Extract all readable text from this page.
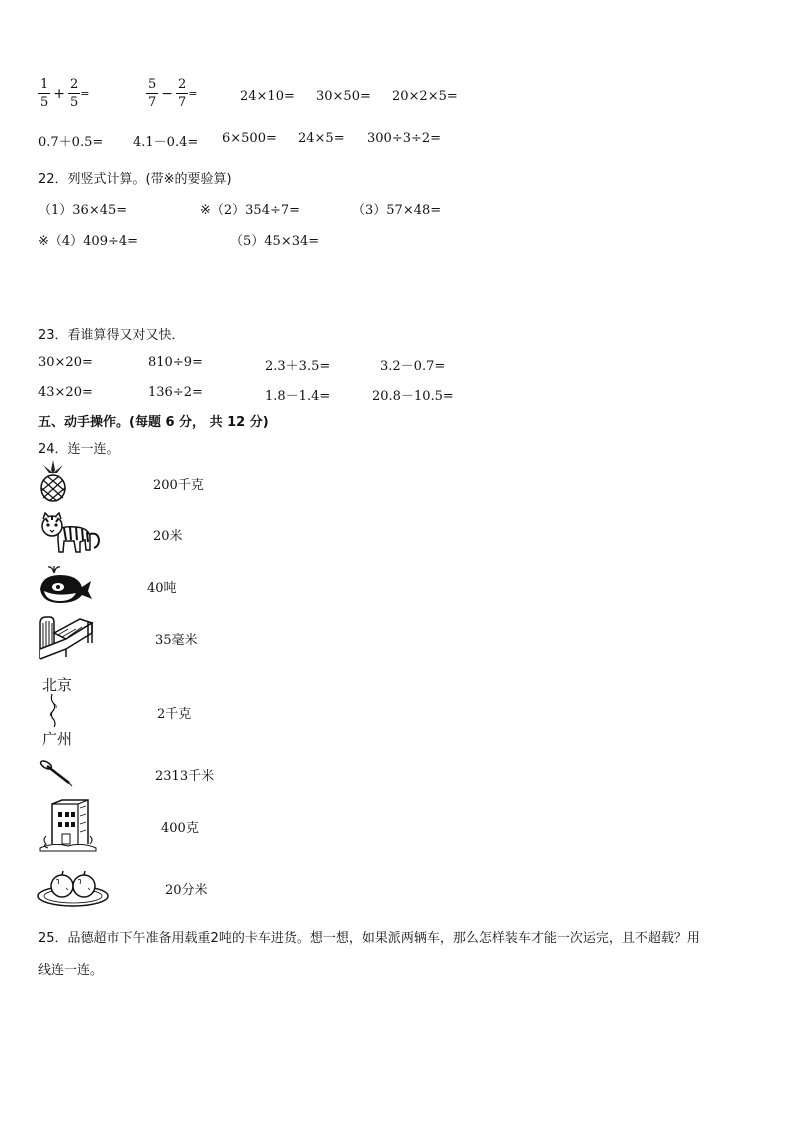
$\frac{1}{5} + \frac{2}{5}$ =	$\frac{5}{7} - \frac{2}{7}$ =	24×10= 30×50= 20×2×5=
0.7＋0.5= 4.1－0.4= 6×500= 24×5= 300÷3÷2=
22．列竖式计算。(带※的要验算)
（1）36×45=	※（2）354÷7=	（3）57×48=
※（4）409÷4=	（5）45×34=
23．看谁算得又对又快．
30×20=	810÷9=	2.3＋3.5=	3.2－0.7=
43×20=	136÷2=	1.8－1.4=	20.8－10.5=
五、动手操作。(每题 6 分， 共 12 分)
24．连一连。
200千克
20米
40吨
35毫米
北京
广州
2千克
2313千米
400克
20分米
25．品德超市下午准备用载重2吨的卡车进货。想一想，如果派两辆车，那么怎样装车才能一次运完，且不超载？用
线连一连。
